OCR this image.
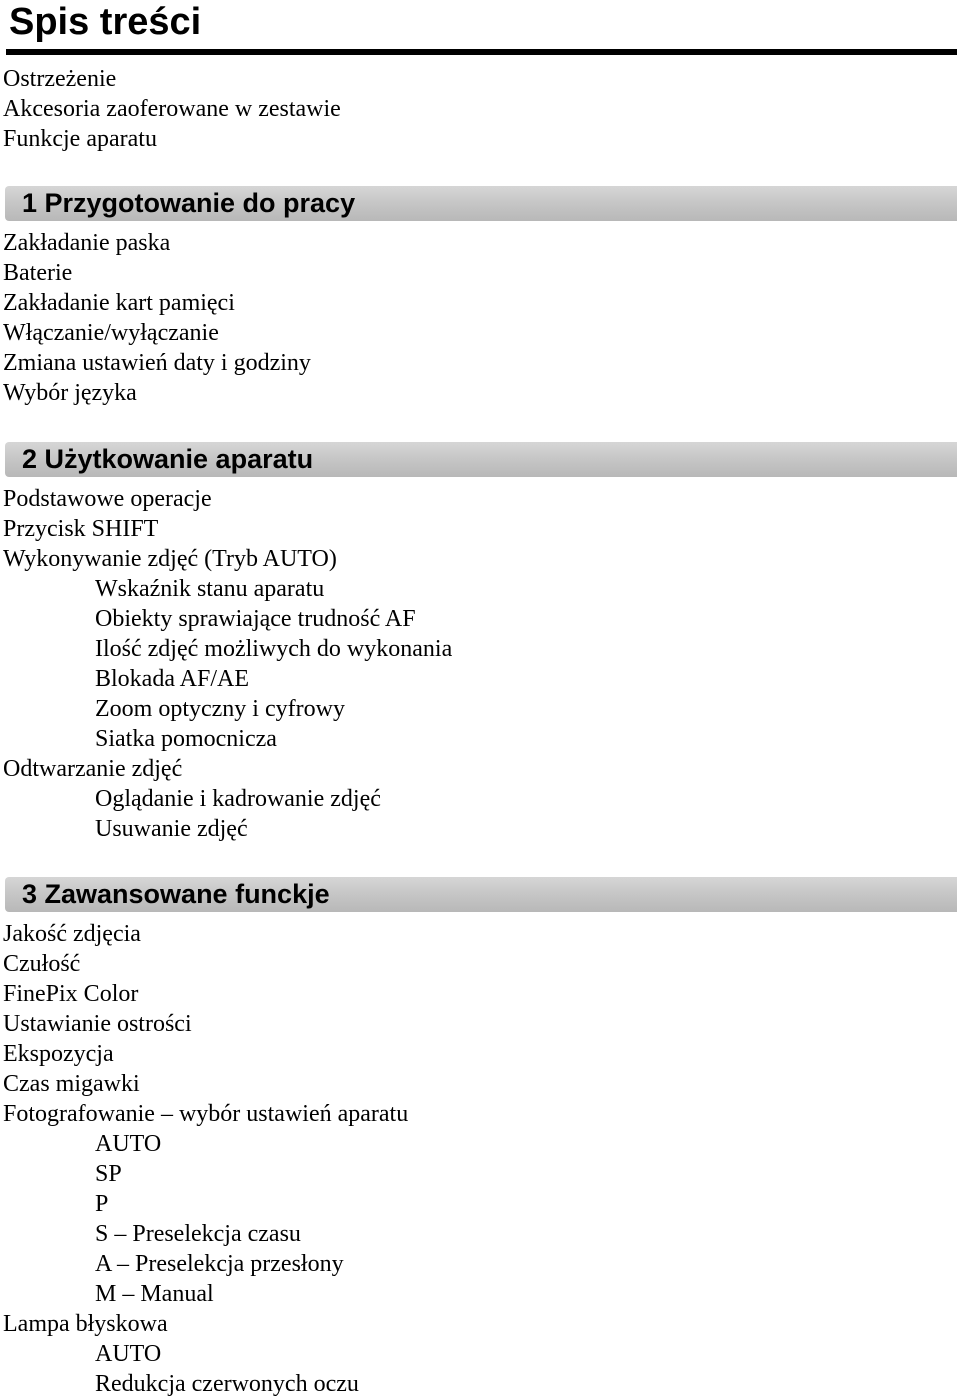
Spis treści
Ostrzeżenie
Akcesoria zaoferowane w zestawie
Funkcje aparatu
1 Przygotowanie do pracy
Zakładanie paska
Baterie
Zakładanie kart pamięci
Włączanie/wyłączanie
Zmiana ustawień daty i godziny
Wybór języka
2 Użytkowanie aparatu
Podstawowe operacje
Przycisk SHIFT
Wykonywanie zdjęć (Tryb AUTO)
Wskaźnik stanu aparatu
Obiekty sprawiające trudność AF
Ilość zdjęć możliwych do wykonania
Blokada AF/AE
Zoom optyczny i cyfrowy
Siatka pomocnicza
Odtwarzanie zdjęć
Oglądanie i kadrowanie zdjęć
Usuwanie zdjęć
3 Zawansowane funckje
Jakość zdjęcia
Czułość
FinePix Color
Ustawianie ostrości
Ekspozycja
Czas migawki
Fotografowanie – wybór ustawień aparatu
AUTO
SP
P
S – Preselekcja czasu
A – Preselekcja przesłony
M – Manual
Lampa błyskowa
AUTO
Redukcja czerwonych oczu
